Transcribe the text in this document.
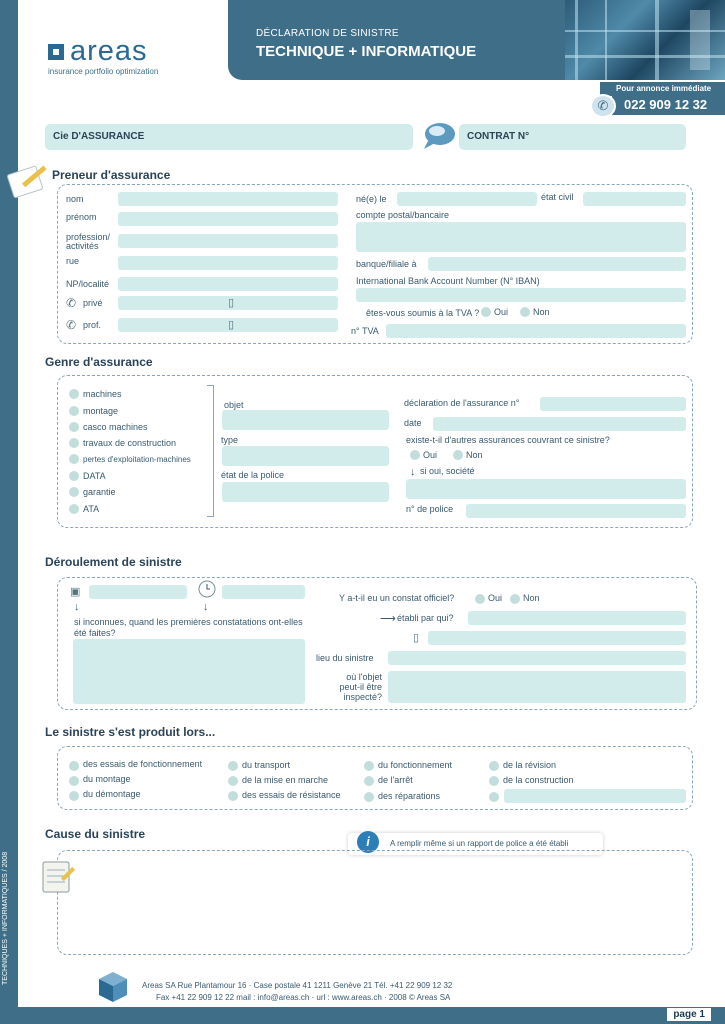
TECHNIQUES + INFORMATIQUES / 2008
page 1
areas
insurance portfolio optimization
DÉCLARATION DE SINISTRE
TECHNIQUE + INFORMATIQUE
Pour annonce immédiate
022 909 12 32
✆
Cie D'ASSURANCE	CONTRAT N°
Preneur d'assurance
nom
prénom
profession/ activités
rue
NP/localité
✆ privé	▯
✆ prof.	▯
né(e) le	état civil
compte postal/bancaire
banque/filiale à
International Bank Account Number (N° IBAN)
êtes-vous soumis à la TVA ? Oui	Non
n° TVA
Genre d'assurance
machines
montage
casco machines
travaux de construction
pertes d'exploitation-machines
DATA
garantie
ATA
objet
type
état de la police
déclaration de l'assurance n°
date
existe-t-il d'autres assurances couvrant ce sinistre?
Oui	Non
↓ si oui, société
n° de police
Déroulement de sinistre
▣
↓	↓
si inconnues, quand les premières constatations ont-elles été faites?
Y a-t-il eu un constat officiel?	Oui Non
⟶ établi par qui?
▯
lieu du sinistre
où l'objet peut-il être inspecté?
Le sinistre s'est produit lors...
des essais de fonctionnement
du montage
du démontage
du transport
de la mise en marche
des essais de résistance
du fonctionnement
de l'arrêt
des réparations
de la révision
de la construction
Cause du sinistre
A remplir même si un rapport de police a été établi
i
Areas SA Rue Plantamour 16 · Case postale 41 1211 Genève 21 Tél. +41 22 909 12 32
Fax +41 22 909 12 22 mail : info@areas.ch · url : www.areas.ch · 2008 © Areas SA
